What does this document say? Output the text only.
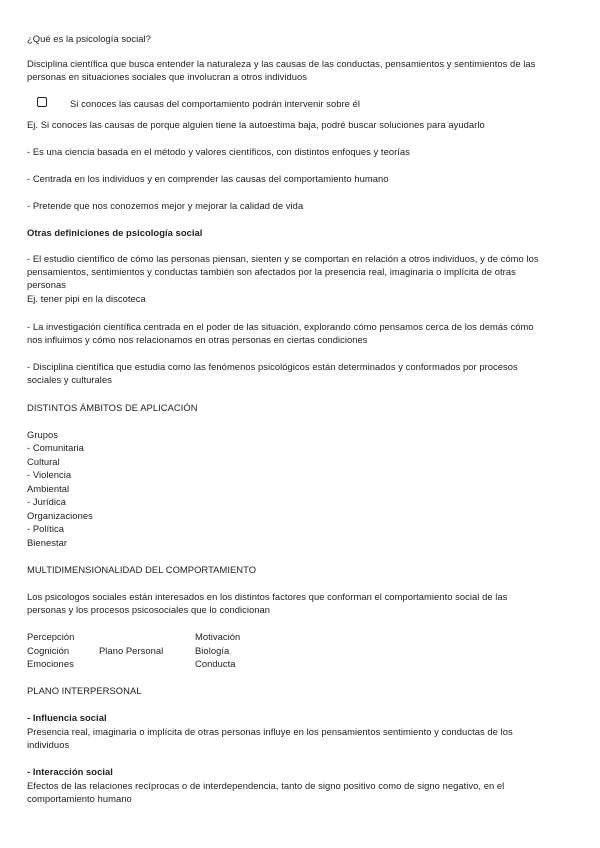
¿Qué es la psicología social?
Disciplina científica que busca entender la naturaleza y las causas de las conductas, pensamientos y sentimientos de las
personas en situaciones sociales que involucran a otros individuos
Si conoces las causas del comportamiento podrán intervenir sobre él
Ej. Si conoces las causas de porque alguien tiene la autoestima baja, podré buscar soluciones para ayudarlo
- Es una ciencia basada en el método y valores científicos, con distintos enfoques y teorías
- Centrada en los individuos y en comprender las causas del comportamiento humano
- Pretende que nos conozemos mejor y mejorar la calidad de vida
Otras definiciones de psicología social
- El estudio científico de cómo las personas piensan, sienten y se comportan en relación a otros individuos, y de cómo los
pensamientos, sentimientos y conductas también son afectados por la presencia real, imaginaria o implícita de otras
personas
Ej. tener pipi en la discoteca
- La investigación científica centrada en el poder de las situación, explorando cómo pensamos cerca de los demás cómo
nos influimos y cómo nos relacionamos en otras personas en ciertas condiciones
- Disciplina científica que estudia como las fenómenos psicológicos están determinados y conformados por procesos
sociales y culturales
DISTINTOS ÁMBITOS DE APLICACIÓN
Grupos
- Comunitaria
Cultural
- Violencia
Ambiental
- Jurídica
Organizaciones
- Política
Bienestar
MULTIDIMENSIONALIDAD DEL COMPORTAMIENTO
Los psicologos sociales están interesados en los distintos factores que conforman el comportamiento social de las
personas y los procesos psicosociales que lo condicionan
Percepción
Cognición
Emociones
Plano Personal
Motivación
Biología
Conducta
PLANO INTERPERSONAL
- Influencia social
Presencia real, imaginaria o implícita de otras personas influye en los pensamientos sentimiento y conductas de los
individuos
- Interacción social
Efectos de las relaciones recíprocas o de interdependencia, tanto de signo positivo como de signo negativo, en el
comportamiento humano
